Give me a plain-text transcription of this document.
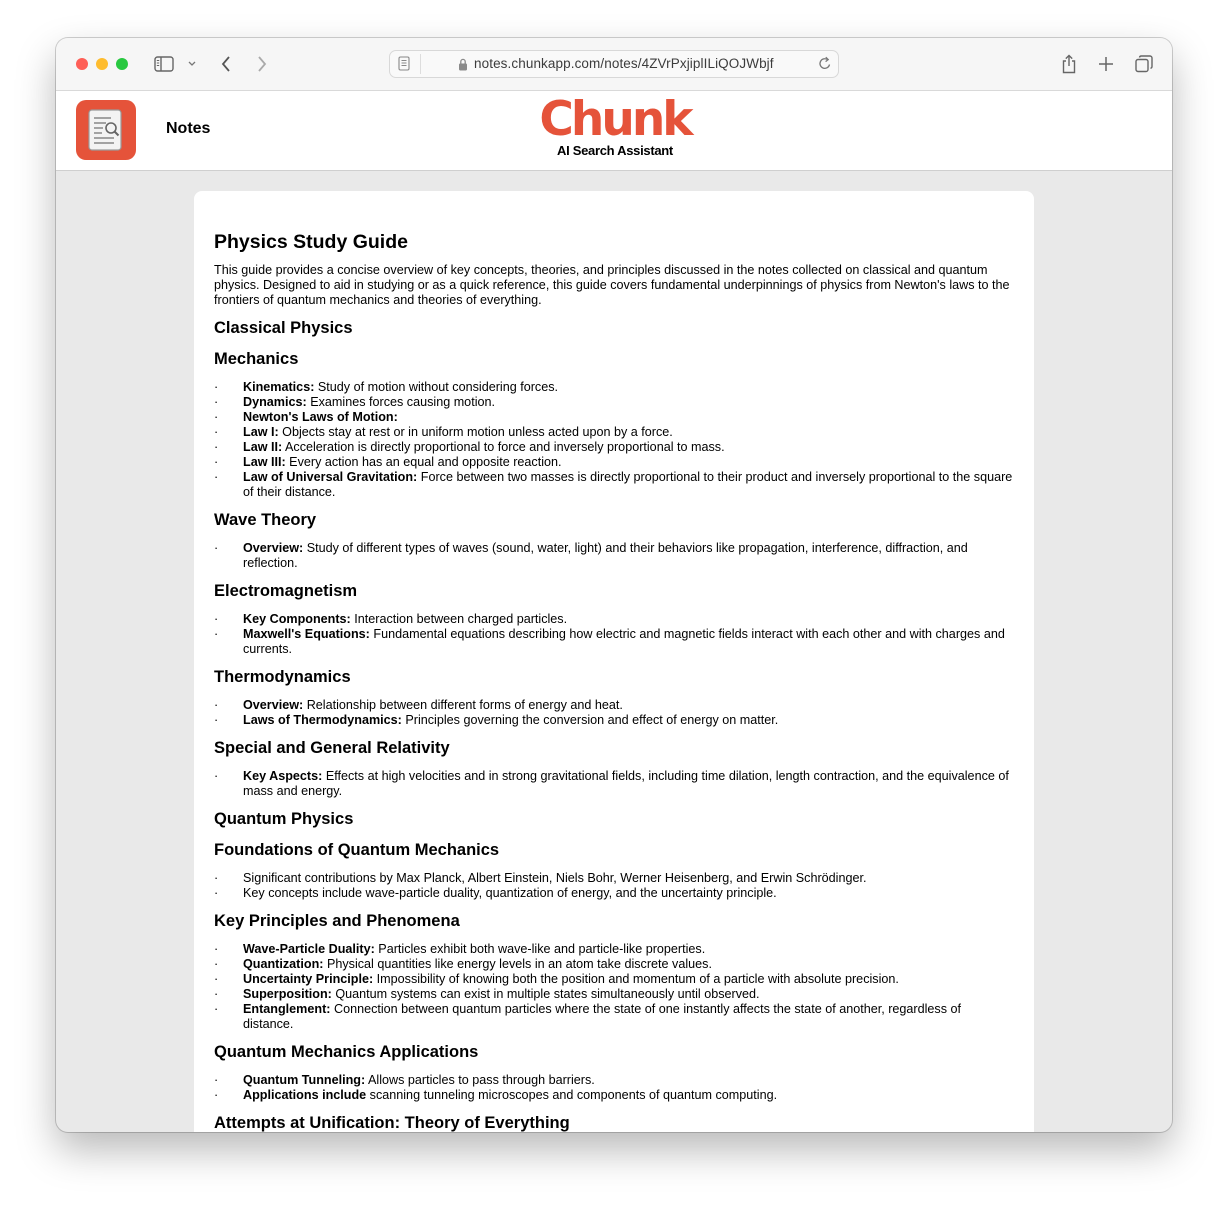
notes.chunkapp.com/notes/4ZVrPxjiplILiQOJWbjf
Notes	Chunk
AI Search Assistant
Physics Study Guide

This guide provides a concise overview of key concepts, theories, and principles discussed in the notes collected on classical and quantum physics. Designed to aid in studying or as a quick reference, this guide covers fundamental underpinnings of physics from Newton's laws to the frontiers of quantum mechanics and theories of everything.

Classical Physics
Mechanics
· Kinematics: Study of motion without considering forces.
· Dynamics: Examines forces causing motion.
· Newton's Laws of Motion:
· Law I: Objects stay at rest or in uniform motion unless acted upon by a force.
· Law II: Acceleration is directly proportional to force and inversely proportional to mass.
· Law III: Every action has an equal and opposite reaction.
· Law of Universal Gravitation: Force between two masses is directly proportional to their product and inversely proportional to the square of their distance.
Wave Theory
· Overview: Study of different types of waves (sound, water, light) and their behaviors like propagation, interference, diffraction, and reflection.
Electromagnetism
· Key Components: Interaction between charged particles.
· Maxwell's Equations: Fundamental equations describing how electric and magnetic fields interact with each other and with charges and currents.
Thermodynamics
· Overview: Relationship between different forms of energy and heat.
· Laws of Thermodynamics: Principles governing the conversion and effect of energy on matter.
Special and General Relativity
· Key Aspects: Effects at high velocities and in strong gravitational fields, including time dilation, length contraction, and the equivalence of mass and energy.
Quantum Physics
Foundations of Quantum Mechanics
· Significant contributions by Max Planck, Albert Einstein, Niels Bohr, Werner Heisenberg, and Erwin Schrödinger.
· Key concepts include wave-particle duality, quantization of energy, and the uncertainty principle.
Key Principles and Phenomena
· Wave-Particle Duality: Particles exhibit both wave-like and particle-like properties.
· Quantization: Physical quantities like energy levels in an atom take discrete values.
· Uncertainty Principle: Impossibility of knowing both the position and momentum of a particle with absolute precision.
· Superposition: Quantum systems can exist in multiple states simultaneously until observed.
· Entanglement: Connection between quantum particles where the state of one instantly affects the state of another, regardless of distance.
Quantum Mechanics Applications
· Quantum Tunneling: Allows particles to pass through barriers.
· Applications include scanning tunneling microscopes and components of quantum computing.
Attempts at Unification: Theory of Everything
